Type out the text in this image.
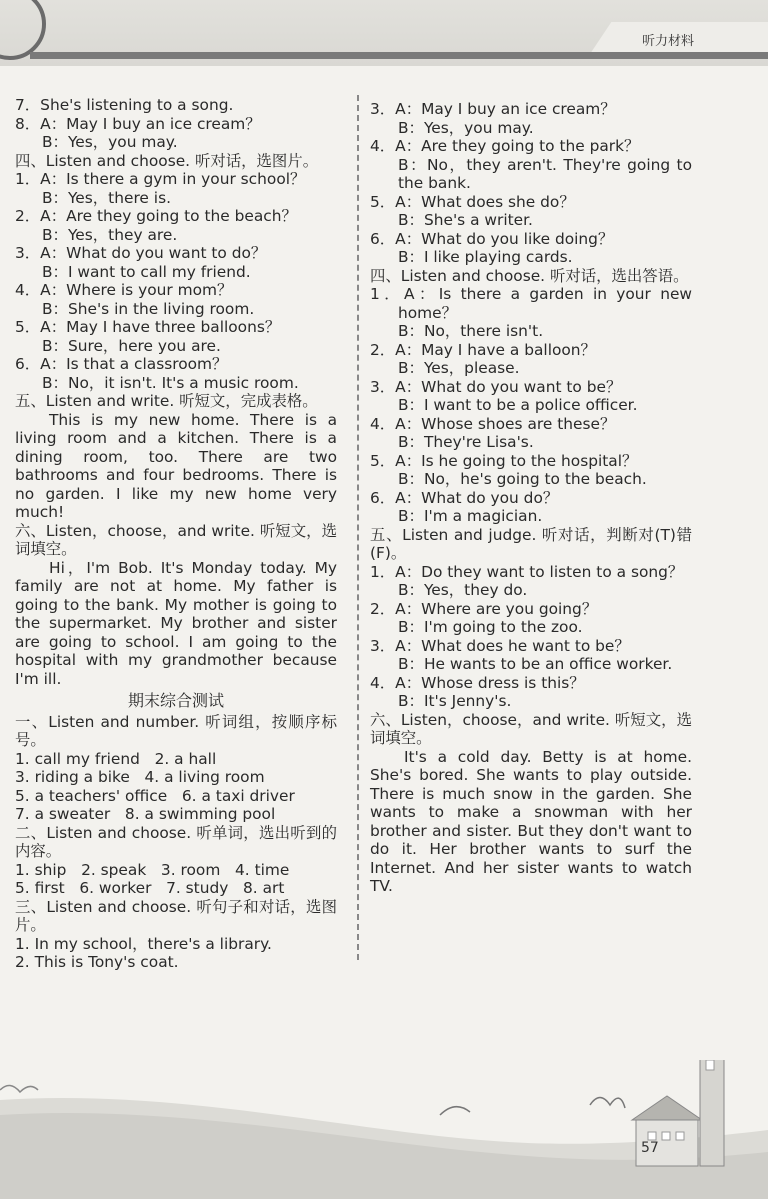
听力材料

7．She's listening to a song.

8．A：May I buy an ice cream？

B：Yes，you may.

四、Listen and choose. 听对话，选图片。

1．A：Is there a gym in your school？

B：Yes，there is.

2．A：Are they going to the beach？

B：Yes，they are.

3．A：What do you want to do？

B：I want to call my friend.

4．A：Where is your mom？

B：She's in the living room.

5．A：May I have three balloons？

B：Sure，here you are.

6．A：Is that a classroom？

B：No，it isn't. It's a music room.

五、Listen and write. 听短文，完成表格。

This is my new home. There is a living room and a kitchen. There is a dining room, too. There are two bathrooms and four bedrooms. There is no garden. I like my new home very much!

六、Listen，choose，and write. 听短文，选词填空。

Hi，I'm Bob. It's Monday today. My family are not at home. My father is going to the bank. My mother is going to the supermarket. My brother and sister are going to school. I am going to the hospital with my grandmother because I'm ill.

期末综合测试

一、Listen and number. 听词组，按顺序标号。

1. call my friend   2. a hall

3. riding a bike   4. a living room

5. a teachers' office   6. a taxi driver

7. a sweater   8. a swimming pool

二、Listen and choose. 听单词，选出听到的内容。

1. ship   2. speak   3. room   4. time

5. first   6. worker   7. study   8. art

三、Listen and choose. 听句子和对话，选图片。

1. In my school，there's a library.

2. This is Tony's coat.

3．A：May I buy an ice cream？

B：Yes，you may.

4．A：Are they going to the park？

B：No，they aren't. They're going to the bank.

5．A：What does she do？

B：She's a writer.

6．A：What do you like doing？

B：I like playing cards.

四、Listen and choose. 听对话，选出答语。

1．A：Is there a garden in your new home？

B：No，there isn't.

2．A：May I have a balloon？

B：Yes，please.

3．A：What do you want to be？

B：I want to be a police officer.

4．A：Whose shoes are these？

B：They're Lisa's.

5．A：Is he going to the hospital？

B：No，he's going to the beach.

6．A：What do you do？

B：I'm a magician.

五、Listen and judge. 听对话，判断对(T)错(F)。

1．A：Do they want to listen to a song？

B：Yes，they do.

2．A：Where are you going？

B：I'm going to the zoo.

3．A：What does he want to be？

B：He wants to be an office worker.

4．A：Whose dress is this？

B：It's Jenny's.

六、Listen，choose，and write. 听短文，选词填空。

It's a cold day. Betty is at home. She's bored. She wants to play outside. There is much snow in the garden. She wants to make a snowman with her brother and sister. But they don't want to do it. Her brother wants to surf the Internet. And her sister wants to watch TV.

57
